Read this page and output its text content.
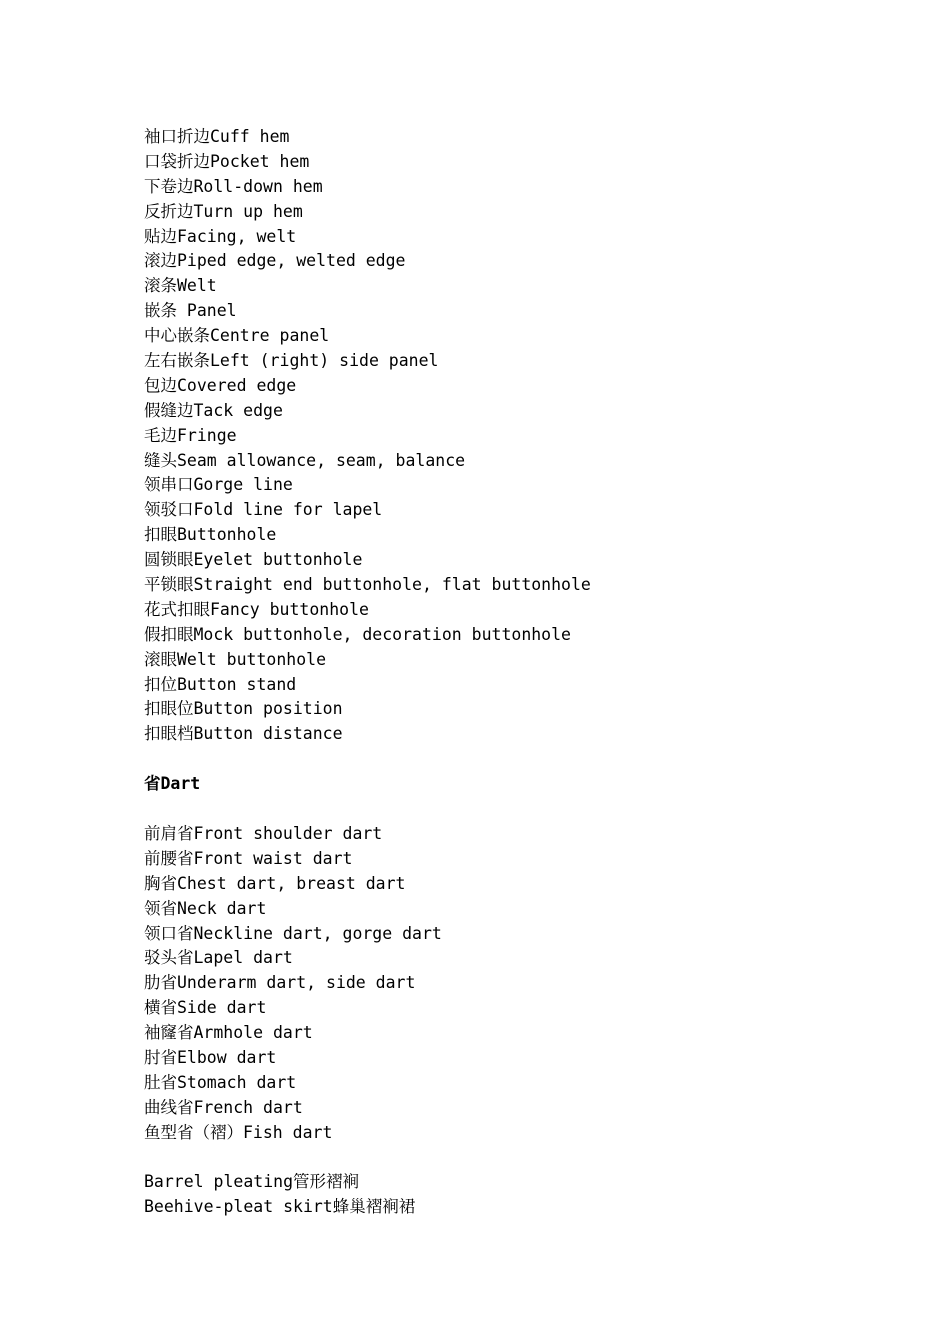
袖口折边Cuff hem
口袋折边Pocket hem
下卷边Roll-down hem
反折边Turn up hem
贴边Facing, welt
滚边Piped edge, welted edge
滚条Welt
嵌条 Panel
中心嵌条Centre panel
左右嵌条Left (right) side panel
包边Covered edge
假缝边Tack edge
毛边Fringe
缝头Seam allowance, seam, balance
领串口Gorge line
领驳口Fold line for lapel
扣眼Buttonhole
圆锁眼Eyelet buttonhole
平锁眼Straight end buttonhole, flat buttonhole
花式扣眼Fancy buttonhole
假扣眼Mock buttonhole, decoration buttonhole
滚眼Welt buttonhole
扣位Button stand
扣眼位Button position
扣眼档Button distance
省Dart
前肩省Front shoulder dart
前腰省Front waist dart
胸省Chest dart, breast dart
领省Neck dart
领口省Neckline dart, gorge dart
驳头省Lapel dart
肋省Underarm dart, side dart
横省Side dart
袖窿省Armhole dart
肘省Elbow dart
肚省Stomach dart
曲线省French dart
鱼型省（褶）Fish dart
Barrel pleating管形褶裥
Beehive-pleat skirt蜂巢褶裥裙
